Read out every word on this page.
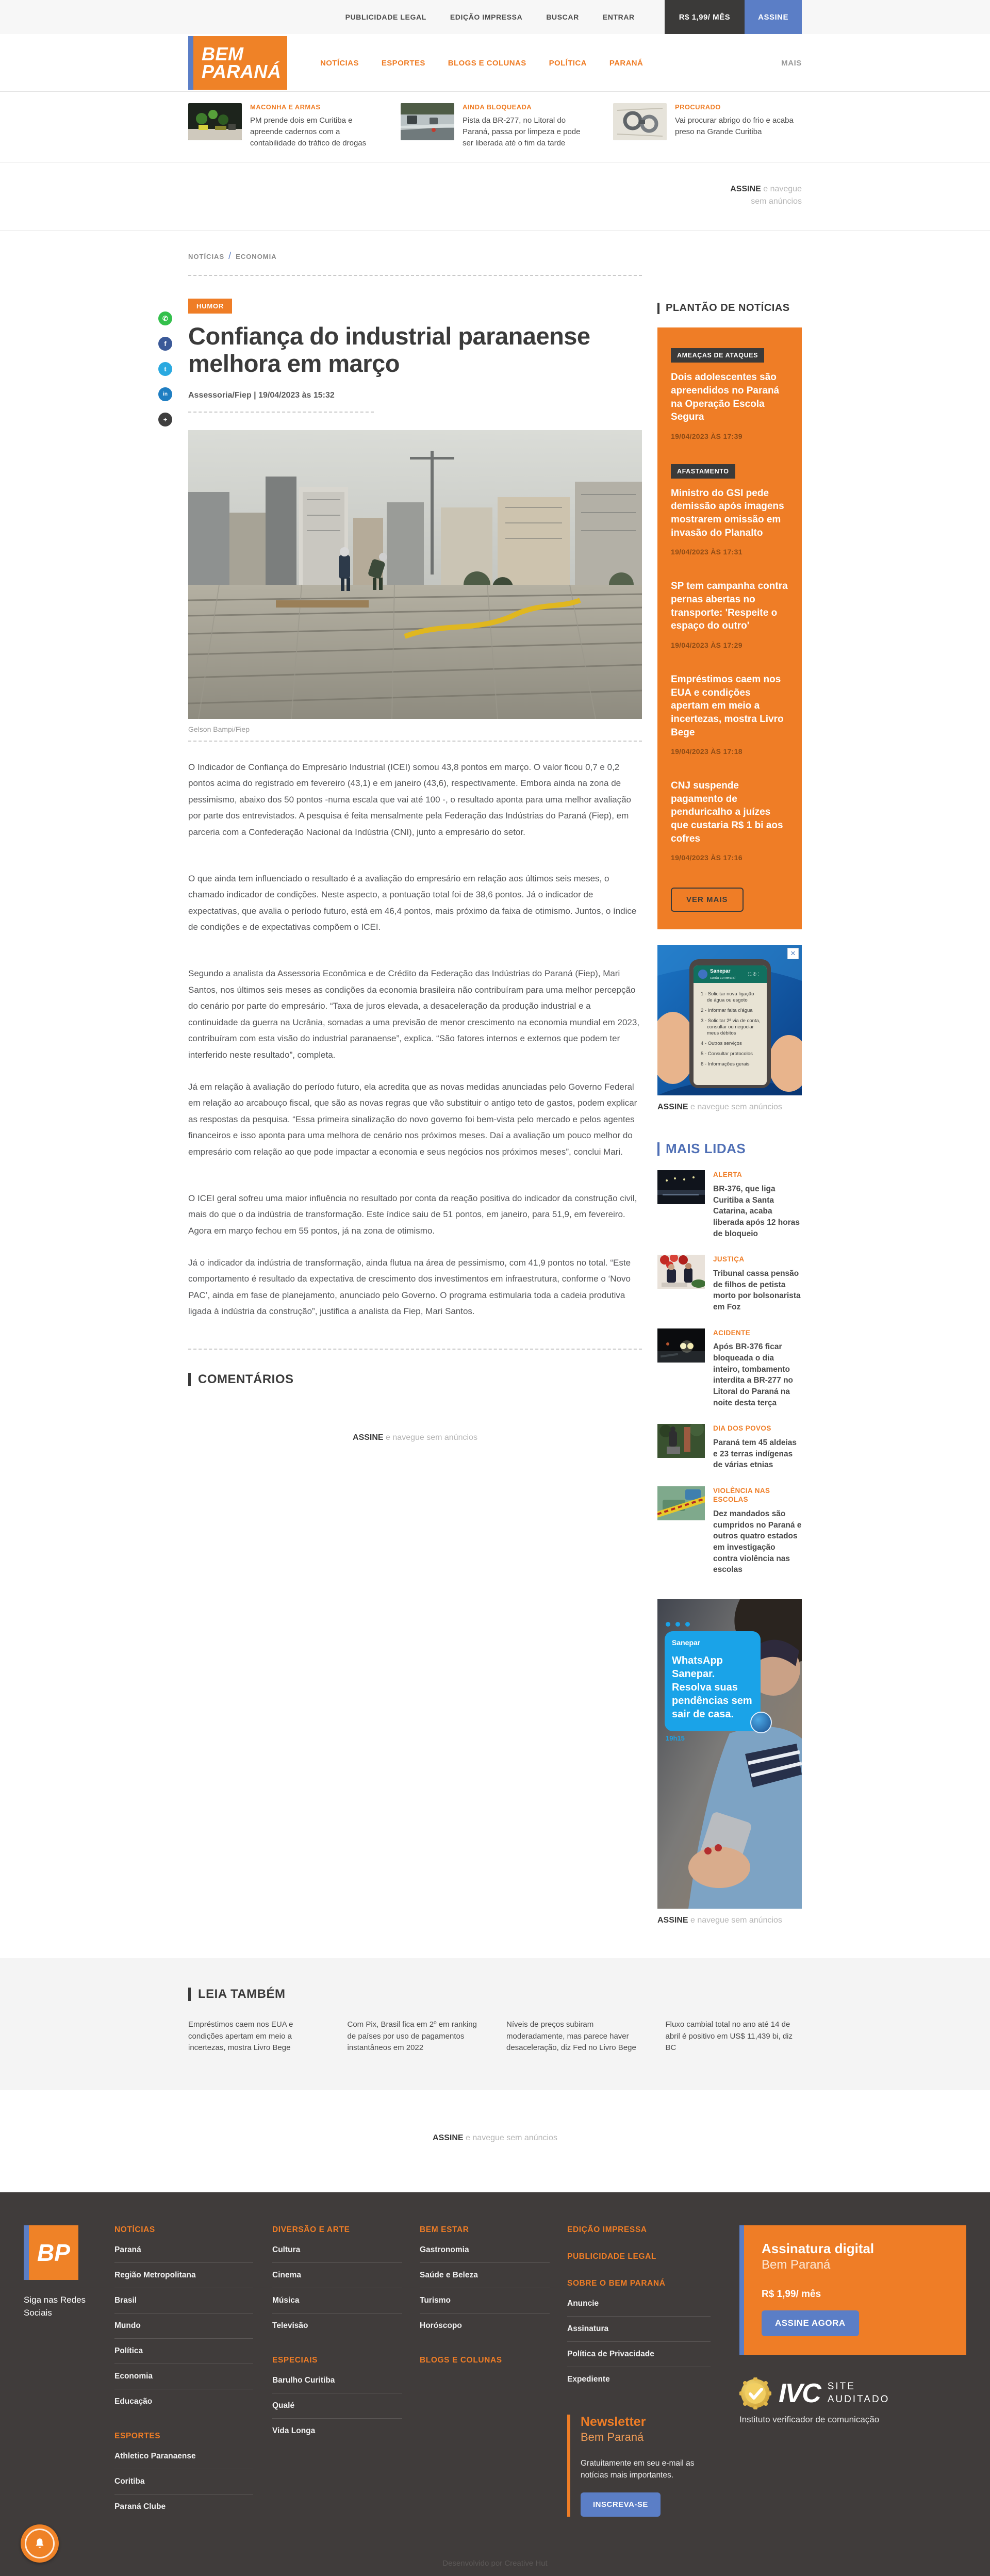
PUBLICIDADE LEGAL	EDIÇÃO IMPRESSA	BUSCAR	ENTRAR	R$ 1,99/ MÊS	ASSINE
BEM
PARANÁ	NOTÍCIAS	ESPORTES	BLOGS E COLUNAS	POLÍTICA	PARANÁ	MAIS
MACONHA E ARMAS
PM prende dois em Curitiba e apreende cadernos com a contabilidade do tráfico de drogas
AINDA BLOQUEADA
Pista da BR-277, no Litoral do Paraná, passa por limpeza e pode ser liberada até o fim da tarde
PROCURADO
Vai procurar abrigo do frio e acaba preso na Grande Curitiba
ASSINE e navegue sem anúncios
NOTÍCIAS / ECONOMIA
✆
f
t
in
+
HUMOR
Confiança do industrial paranaense melhora em março
Assessoria/Fiep | 19/04/2023 às 15:32
Gelson Bampi/Fiep

O Indicador de Confiança do Empresário Industrial (ICEI) somou 43,8 pontos em março. O valor ficou 0,7 e 0,2 pontos acima do registrado em fevereiro (43,1) e em janeiro (43,6), respectivamente. Embora ainda na zona de pessimismo, abaixo dos 50 pontos -numa escala que vai até 100 -, o resultado aponta para uma melhor avaliação por parte dos entrevistados. A pesquisa é feita mensalmente pela Federação das Indústrias do Paraná (Fiep), em parceria com a Confederação Nacional da Indústria (CNI), junto a empresário do setor.

O que ainda tem influenciado o resultado é a avaliação do empresário em relação aos últimos seis meses, o chamado indicador de condições. Neste aspecto, a pontuação total foi de 38,6 pontos. Já o indicador de expectativas, que avalia o período futuro, está em 46,4 pontos, mais próximo da faixa de otimismo. Juntos, o índice de condições e de expectativas compõem o ICEI.

Segundo a analista da Assessoria Econômica e de Crédito da Federação das Indústrias do Paraná (Fiep), Mari Santos, nos últimos seis meses as condições da economia brasileira não contribuíram para uma melhor percepção do cenário por parte do empresário. “Taxa de juros elevada, a desaceleração da produção industrial e a continuidade da guerra na Ucrânia, somadas a uma previsão de menor crescimento na economia mundial em 2023, contribuíram com esta visão do industrial paranaense”, explica. “São fatores internos e externos que podem ter interferido neste resultado”, completa.

Já em relação à avaliação do período futuro, ela acredita que as novas medidas anunciadas pelo Governo Federal em relação ao arcabouço fiscal, que são as novas regras que vão substituir o antigo teto de gastos, podem explicar as respostas da pesquisa. “Essa primeira sinalização do novo governo foi bem-vista pelo mercado e pelos agentes financeiros e isso aponta para uma melhora de cenário nos próximos meses. Daí a avaliação um pouco melhor do empresário com relação ao que pode impactar a economia e seus negócios nos próximos meses”, conclui Mari.

O ICEI geral sofreu uma maior influência no resultado por conta da reação positiva do indicador da construção civil, mais do que o da indústria de transformação. Este índice saiu de 51 pontos, em janeiro, para 51,9, em fevereiro. Agora em março fechou em 55 pontos, já na zona de otimismo.

Já o indicador da indústria de transformação, ainda flutua na área de pessimismo, com 41,9 pontos no total. “Este comportamento é resultado da expectativa de crescimento dos investimentos em infraestrutura, conforme o ‘Novo PAC’, ainda em fase de planejamento, anunciado pelo Governo. O programa estimularia toda a cadeia produtiva ligada à indústria da construção”, justifica a analista da Fiep, Mari Santos.

COMENTÁRIOS
ASSINE e navegue sem anúncios
PLANTÃO DE NOTÍCIAS
AMEAÇAS DE ATAQUES
Dois adolescentes são apreendidos no Paraná na Operação Escola Segura
19/04/2023 ÀS 17:39
AFASTAMENTO
Ministro do GSI pede demissão após imagens mostrarem omissão em invasão do Planalto
19/04/2023 ÀS 17:31
SP tem campanha contra pernas abertas no transporte: 'Respeite o espaço do outro'
19/04/2023 ÀS 17:29
Empréstimos caem nos EUA e condições apertam em meio a incertezas, mostra Livro Bege
19/04/2023 ÀS 17:18
CNJ suspende pagamento de penduricalho a juízes que custaria R$ 1 bi aos cofres
19/04/2023 ÀS 17:16
VER MAIS
Sanepar
conta comercial
⛶ ✆ ⋮
1 - Solicitar nova ligação
de água ou esgoto
2 - Informar falta d'água
3 - Solicitar 2ª via de conta,
consultar ou negociar
meus débitos
4 - Outros serviços
5 - Consultar protocolos
6 - Informações gerais
✕
ASSINE e navegue sem anúncios
MAIS LIDAS
ALERTA
BR-376, que liga Curitiba a Santa Catarina, acaba liberada após 12 horas de bloqueio
JUSTIÇA
Tribunal cassa pensão de filhos de petista morto por bolsonarista em Foz
ACIDENTE
Após BR-376 ficar bloqueada o dia inteiro, tombamento interdita a BR-277 no Litoral do Paraná na noite desta terça
DIA DOS POVOS
Paraná tem 45 aldeias e 23 terras indígenas de várias etnias
VIOLÊNCIA NAS ESCOLAS
Dez mandados são cumpridos no Paraná e outros quatro estados em investigação contra violência nas escolas
Sanepar
WhatsApp Sanepar. Resolva suas pendências sem sair de casa.
19h15
ASSINE e navegue sem anúncios
LEIA TAMBÉM
Empréstimos caem nos EUA e condições apertam em meio a incertezas, mostra Livro Bege
Com Pix, Brasil fica em 2º em ranking de países por uso de pagamentos instantâneos em 2022
Níveis de preços subiram moderadamente, mas parece haver desaceleração, diz Fed no Livro Bege
Fluxo cambial total no ano até 14 de abril é positivo em US$ 11,439 bi, diz BC
ASSINE e navegue sem anúncios
BP
Siga nas Redes Sociais
NOTÍCIAS
Paraná
Região Metropolitana
Brasil
Mundo
Política
Economia
Educação
ESPORTES
Athletico Paranaense
Coritiba
Paraná Clube
DIVERSÃO E ARTE
Cultura
Cinema
Música
Televisão
ESPECIAIS
Barulho Curitiba
Qualé
Vida Longa
BEM ESTAR
Gastronomia
Saúde e Beleza
Turismo
Horóscopo
BLOGS E COLUNAS
EDIÇÃO IMPRESSA
PUBLICIDADE LEGAL
SOBRE O BEM PARANÁ
Anuncie
Assinatura
Política de Privacidade
Expediente
Newsletter
Bem Paraná
Gratuitamente em seu e-mail as notícias mais importantes.
INSCREVA-SE
Assinatura digital
Bem Paraná
R$ 1,99/ mês
ASSINE AGORA
IVC SITE
AUDITADO
Instituto verificador de comunicação
Desenvolvido por Creative Hut
